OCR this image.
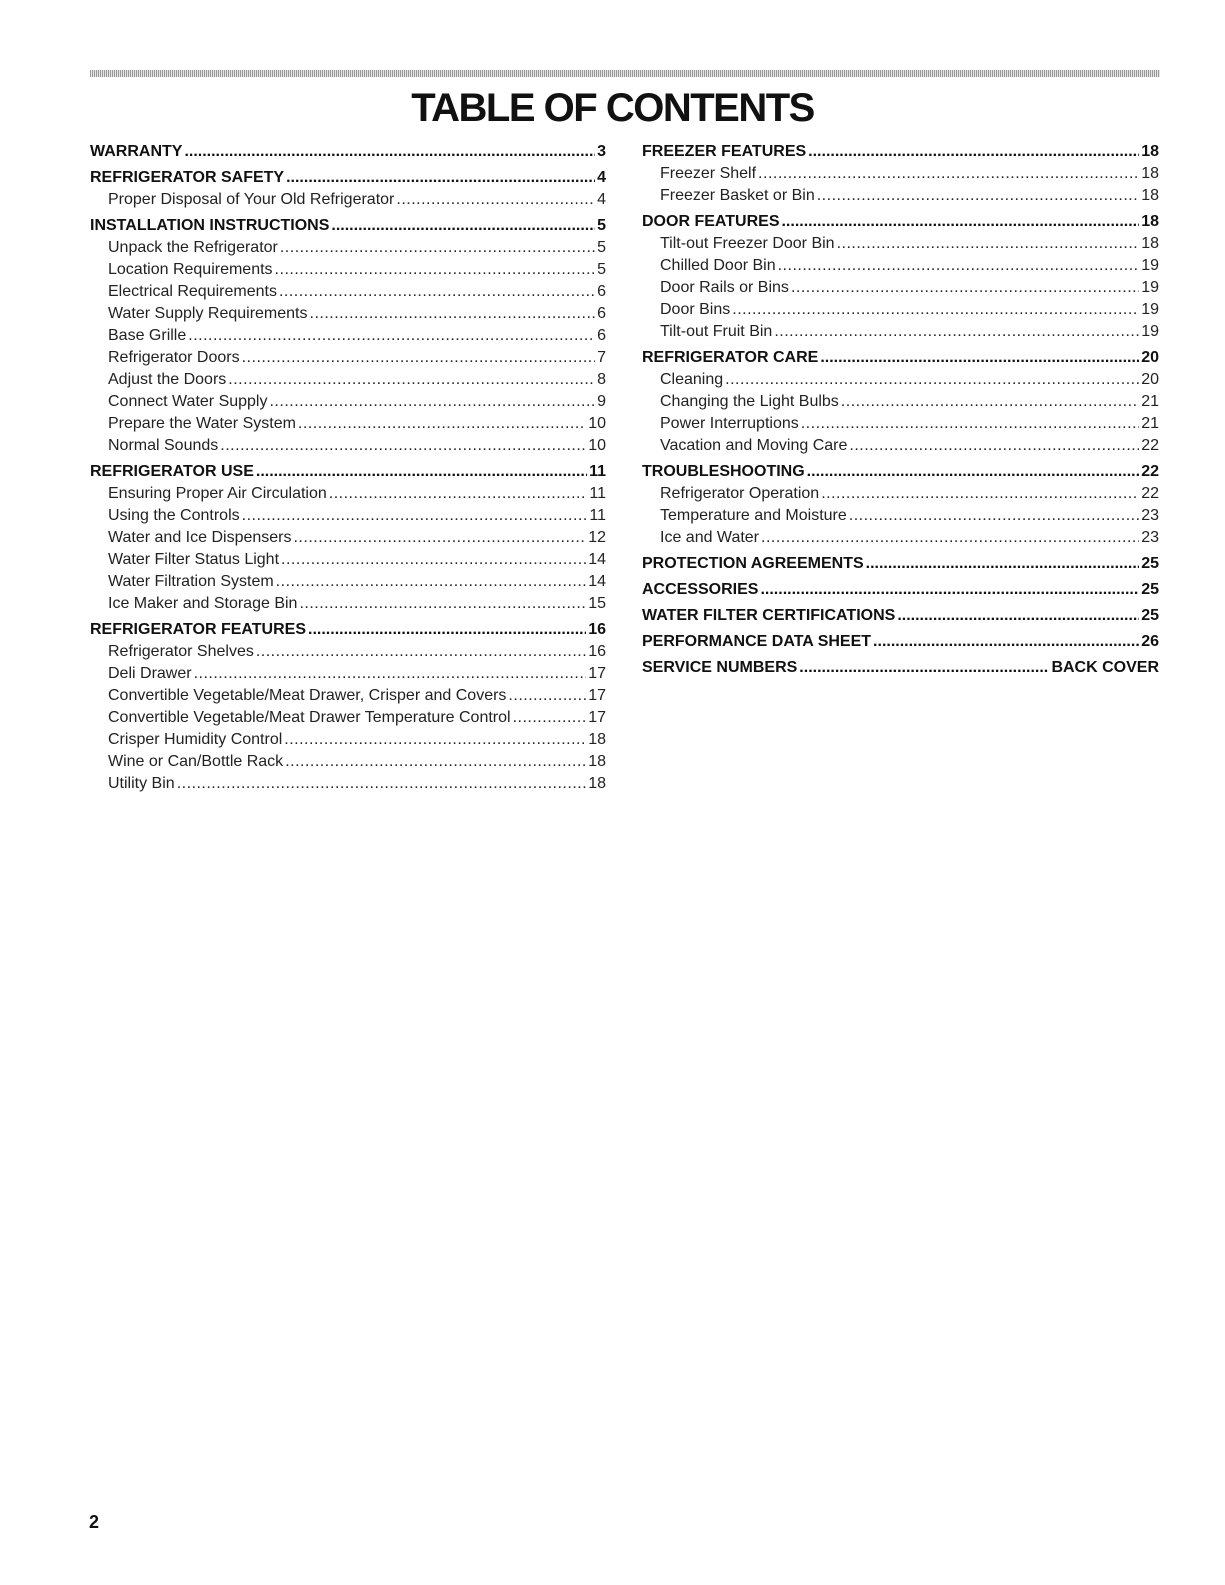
TABLE OF CONTENTS
WARRANTY .....	3
REFRIGERATOR SAFETY .....	4
Proper Disposal of Your Old Refrigerator .....	4
INSTALLATION INSTRUCTIONS .....	5
Unpack the Refrigerator .....	5
Location Requirements .....	5
Electrical Requirements .....	6
Water Supply Requirements .....	6
Base Grille .....	6
Refrigerator Doors .....	7
Adjust the Doors .....	8
Connect Water Supply .....	9
Prepare the Water System .....	10
Normal Sounds .....	10
REFRIGERATOR USE .....	11
Ensuring Proper Air Circulation .....	11
Using the Controls .....	11
Water and Ice Dispensers .....	12
Water Filter Status Light .....	14
Water Filtration System .....	14
Ice Maker and Storage Bin .....	15
REFRIGERATOR FEATURES .....	16
Refrigerator Shelves .....	16
Deli Drawer .....	17
Convertible Vegetable/Meat Drawer, Crisper and Covers .....	17
Convertible Vegetable/Meat Drawer Temperature Control .....	17
Crisper Humidity Control .....	18
Wine or Can/Bottle Rack .....	18
Utility Bin .....	18
FREEZER FEATURES .....	18
Freezer Shelf .....	18
Freezer Basket or Bin .....	18
DOOR FEATURES .....	18
Tilt-out Freezer Door Bin .....	18
Chilled Door Bin .....	19
Door Rails or Bins .....	19
Door Bins .....	19
Tilt-out Fruit Bin .....	19
REFRIGERATOR CARE .....	20
Cleaning .....	20
Changing the Light Bulbs .....	21
Power Interruptions .....	21
Vacation and Moving Care .....	22
TROUBLESHOOTING .....	22
Refrigerator Operation .....	22
Temperature and Moisture .....	23
Ice and Water .....	23
PROTECTION AGREEMENTS .....	25
ACCESSORIES .....	25
WATER FILTER CERTIFICATIONS .....	25
PERFORMANCE DATA SHEET .....	26
SERVICE NUMBERS .....	BACK COVER
2
